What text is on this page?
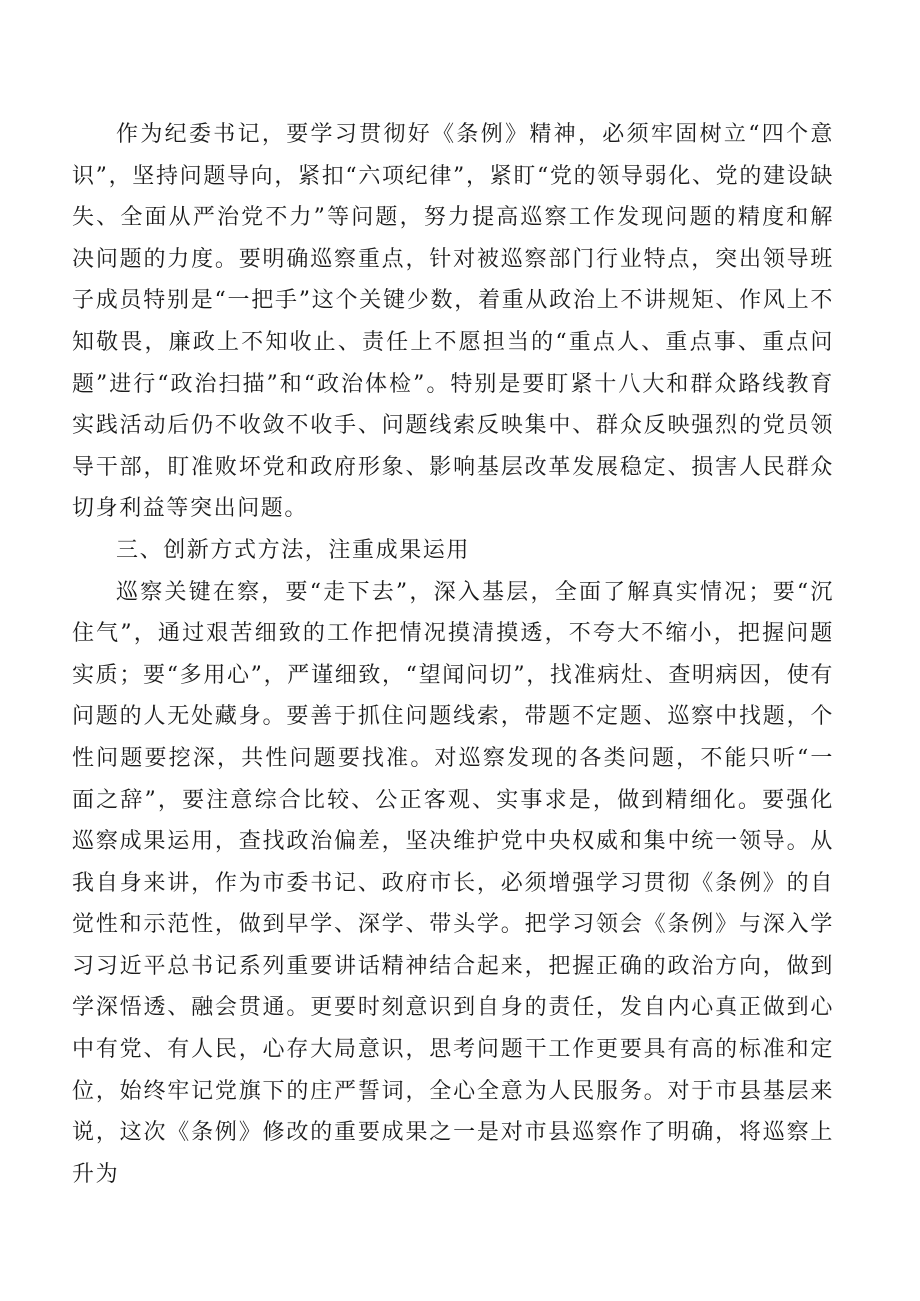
作为纪委书记，要学习贯彻好《条例》精神，必须牢固树立“四个意识”，坚持问题导向，紧扣“六项纪律”，紧盯“党的领导弱化、党的建设缺失、全面从严治党不力”等问题，努力提高巡察工作发现问题的精度和解决问题的力度。要明确巡察重点，针对被巡察部门行业特点，突出领导班子成员特别是“一把手”这个关键少数，着重从政治上不讲规矩、作风上不知敬畏，廉政上不知收止、责任上不愿担当的“重点人、重点事、重点问题”进行“政治扫描”和“政治体检”。特别是要盯紧十八大和群众路线教育实践活动后仍不收敛不收手、问题线索反映集中、群众反映强烈的党员领导干部，盯准败坏党和政府形象、影响基层改革发展稳定、损害人民群众切身利益等突出问题。

三、创新方式方法，注重成果运用

巡察关键在察，要“走下去”，深入基层，全面了解真实情况；要“沉住气”，通过艰苦细致的工作把情况摸清摸透，不夸大不缩小，把握问题实质；要“多用心”，严谨细致，“望闻问切”，找准病灶、查明病因，使有问题的人无处藏身。要善于抓住问题线索，带题不定题、巡察中找题，个性问题要挖深，共性问题要找准。对巡察发现的各类问题，不能只听“一面之辞”，要注意综合比较、公正客观、实事求是，做到精细化。要强化巡察成果运用，查找政治偏差，坚决维护党中央权威和集中统一领导。从我自身来讲，作为市委书记、政府市长，必须增强学习贯彻《条例》的自觉性和示范性，做到早学、深学、带头学。把学习领会《条例》与深入学习习近平总书记系列重要讲话精神结合起来，把握正确的政治方向，做到学深悟透、融会贯通。更要时刻意识到自身的责任，发自内心真正做到心中有党、有人民，心存大局意识，思考问题干工作更要具有高的标准和定位，始终牢记党旗下的庄严誓词，全心全意为人民服务。对于市县基层来说，这次《条例》修改的重要成果之一是对市县巡察作了明确，将巡察上升为
